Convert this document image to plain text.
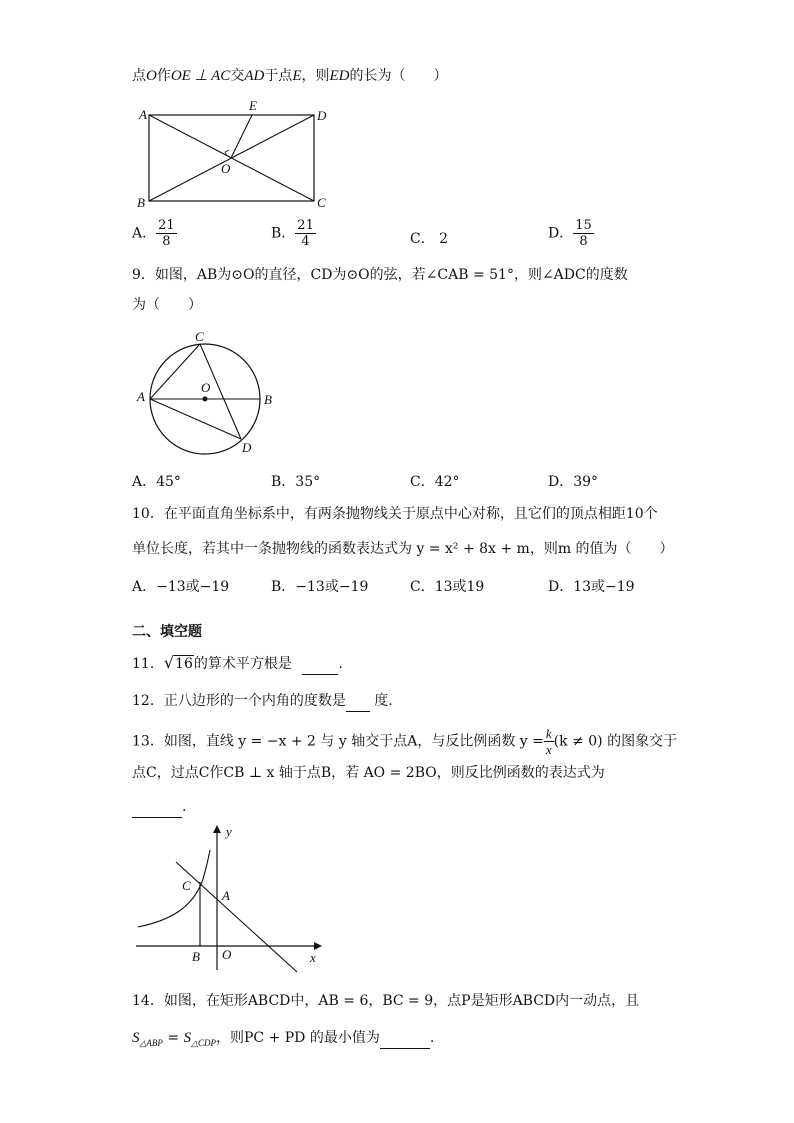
点O作OE ⊥ AC交AD于点E，则ED的长为（　　）
A
B	C
D
E
O
A． $\frac{21}{8}$	B． $\frac{21}{4}$	C． 2	D． $\frac{15}{8}$
9．如图，AB为⊙O的直径，CD为⊙O的弦，若∠CAB = 51°，则∠ADC的度数
为（　　）
A	B
C
D
O
A．45°	B．35°	C．42°	D．39°
10．在平面直角坐标系中，有两条抛物线关于原点中心对称，且它们的顶点相距10个
单位长度，若其中一条抛物线的函数表达式为 y = x² + 8x + m，则m 的值为（　　）
A．−13或−19	B．−13或−19	C．13或19	D．13或−19
二、填空题
11．√16的算术平方根是	.
12．正八边形的一个内角的度数是 度.
13．如图，直线 y = −x + 2 与 y 轴交于点A，与反比例函数 $y = \frac{k}{x} (k \ne 0)$ 的图象交于
点C，过点C作CB ⊥ x 轴于点B，若 AO = 2BO，则反比例函数的表达式为
.
y
x
C
A
B O
14．如图，在矩形ABCD中，AB = 6，BC = 9，点P是矩形ABCD内一动点，且
$S_{\triangle ABP} = S_{\triangle CDP}$，则PC + PD 的最小值为	.
